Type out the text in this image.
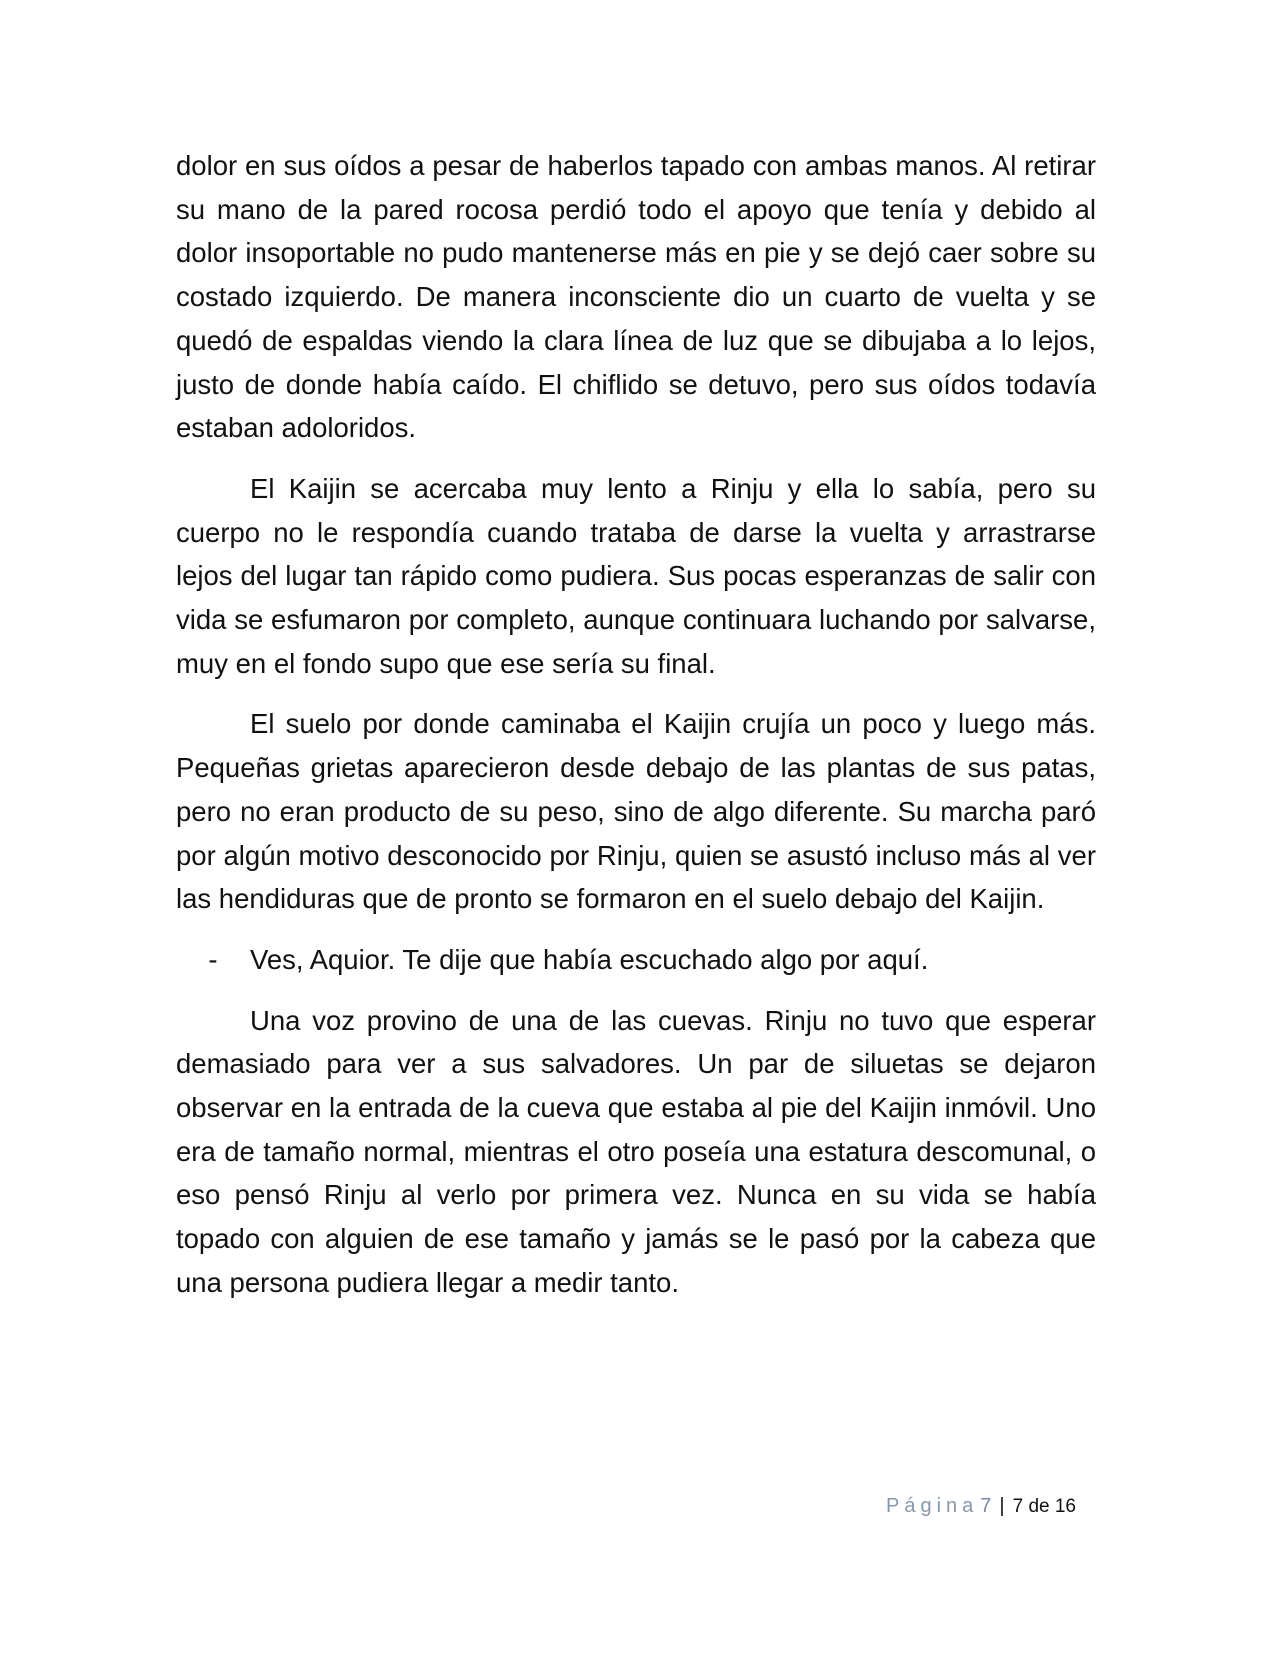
dolor en sus oídos a pesar de haberlos tapado con ambas manos. Al retirar su mano de la pared rocosa perdió todo el apoyo que tenía y debido al dolor insoportable no pudo mantenerse más en pie y se dejó caer sobre su costado izquierdo. De manera inconsciente dio un cuarto de vuelta y se quedó de espaldas viendo la clara línea de luz que se dibujaba a lo lejos, justo de donde había caído. El chiflido se detuvo, pero sus oídos todavía estaban adoloridos.

El Kaijin se acercaba muy lento a Rinju y ella lo sabía, pero su cuerpo no le respondía cuando trataba de darse la vuelta y arrastrarse lejos del lugar tan rápido como pudiera. Sus pocas esperanzas de salir con vida se esfumaron por completo, aunque continuara luchando por salvarse, muy en el fondo supo que ese sería su final.

El suelo por donde caminaba el Kaijin crujía un poco y luego más. Pequeñas grietas aparecieron desde debajo de las plantas de sus patas, pero no eran producto de su peso, sino de algo diferente. Su marcha paró por algún motivo desconocido por Rinju, quien se asustó incluso más al ver las hendiduras que de pronto se formaron en el suelo debajo del Kaijin.

-	Ves, Aquior. Te dije que había escuchado algo por aquí.

Una voz provino de una de las cuevas. Rinju no tuvo que esperar demasiado para ver a sus salvadores. Un par de siluetas se dejaron observar en la entrada de la cueva que estaba al pie del Kaijin inmóvil. Uno era de tamaño normal, mientras el otro poseía una estatura descomunal, o eso pensó Rinju al verlo por primera vez. Nunca en su vida se había topado con alguien de ese tamaño y jamás se le pasó por la cabeza que una persona pudiera llegar a medir tanto.

Página 7 | 7 de 16
